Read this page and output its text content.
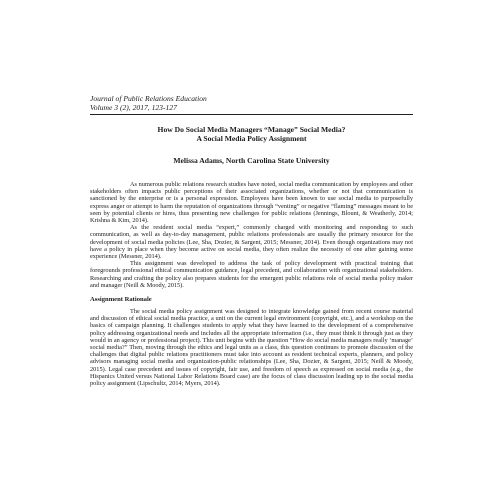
Journal of Public Relations Education

Volume 3 (2), 2017, 123-127

How Do Social Media Managers “Manage” Social Media?
A Social Media Policy Assignment
Melissa Adams, North Carolina State University

As numerous public relations research studies have noted, social media communication by employees and other stakeholders often impacts public perceptions of their associated organizations, whether or not that communication is sanctioned by the enterprise or is a personal expression. Employees have been known to use social media to purposefully express anger or attempt to harm the reputation of organizations through “venting” or negative “flaming” messages meant to be seen by potential clients or hires, thus presenting new challenges for public relations (Jennings, Blount, & Weatherly, 2014; Krishna & Kim, 2014).

As the resident social media “expert,” commonly charged with monitoring and responding to such communication, as well as day-to-day management, public relations professionals are usually the primary resource for the development of social media policies (Lee, Sha, Dozier, & Sargent, 2015; Messner, 2014). Even though organizations may not have a policy in place when they become active on social media, they often realize the necessity of one after gaining some experience (Messner, 2014).

This assignment was developed to address the task of policy development with practical training that foregrounds professional ethical communication guidance, legal precedent, and collaboration with organizational stakeholders. Researching and crafting the policy also prepares students for the emergent public relations role of social media policy maker and manager (Neill & Moody, 2015).

Assignment Rationale

The social media policy assignment was designed to integrate knowledge gained from recent course material and discussion of ethical social media practice, a unit on the current legal environment (copyright, etc.), and a workshop on the basics of campaign planning. It challenges students to apply what they have learned to the development of a comprehensive policy addressing organizational needs and includes all the appropriate information (i.e., they must think it through just as they would in an agency or professional project). This unit begins with the question “How do social media managers really ‘manage’ social media?” Then, moving through the ethics and legal units as a class, this question continues to promote discussion of the challenges that digital public relations practitioners must take into account as resident technical experts, planners, and policy advisors managing social media and organization-public relationships (Lee, Sha, Dozier, & Sargent, 2015; Neill & Moody, 2015). Legal case precedent and issues of copyright, fair use, and freedom of speech as expressed on social media (e.g., the Hispanics United versus National Labor Relations Board case) are the focus of class discussion leading up to the social media policy assignment (Lipschultz, 2014; Myers, 2014).
